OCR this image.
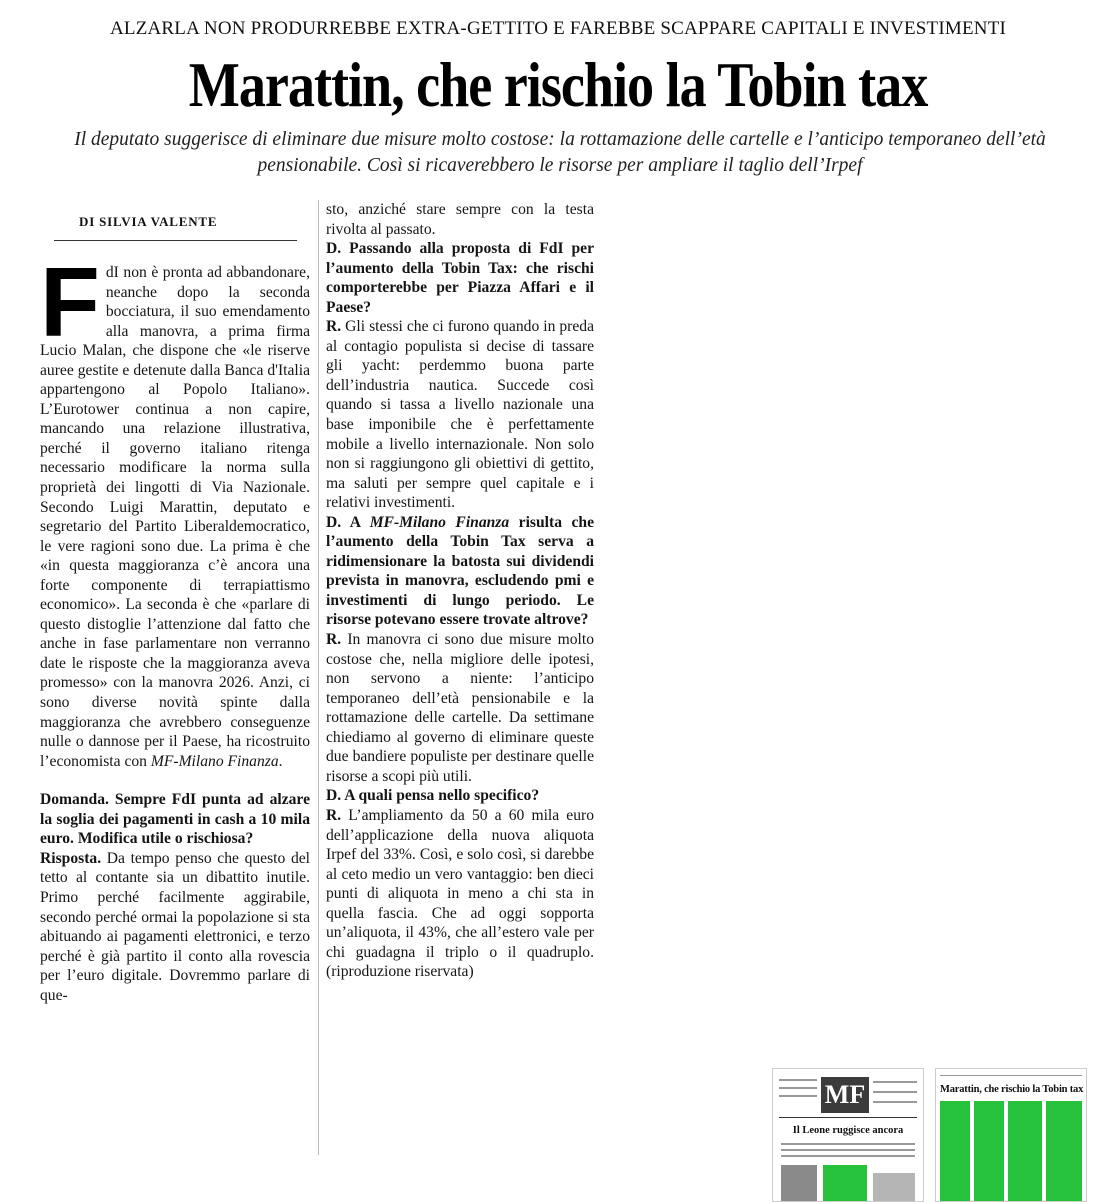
ALZARLA NON PRODURREBBE EXTRA-GETTITO E FAREBBE SCAPPARE CAPITALI E INVESTIMENTI
Marattin, che rischio la Tobin tax
Il deputato suggerisce di eliminare due misure molto costose: la rottamazione delle cartelle e l’anticipo temporaneo dell’età pensionabile. Così si ricaverebbero le risorse per ampliare il taglio dell’Irpef
DI SILVIA VALENTE

FdI non è pronta ad abbandonare, neanche dopo la seconda bocciatura, il suo emendamento alla manovra, a prima firma Lucio Malan, che dispone che «le riserve auree gestite e detenute dalla Banca d'Italia appartengono al Popolo Italiano». L’Eurotower continua a non capire, mancando una relazione illustrativa, perché il governo italiano ritenga necessario modificare la norma sulla proprietà dei lingotti di Via Nazionale. Secondo Luigi Marattin, deputato e segretario del Partito Liberaldemocratico, le vere ragioni sono due. La prima è che «in questa maggioranza c’è ancora una forte componente di terrapiattismo economico». La seconda è che «parlare di questo distoglie l’attenzione dal fatto che anche in fase parlamentare non verranno date le risposte che la maggioranza aveva promesso» con la manovra 2026. Anzi, ci sono diverse novità spinte dalla maggioranza che avrebbero conseguenze nulle o dannose per il Paese, ha ricostruito l’economista con MF-Milano Finanza.

Domanda. Sempre FdI punta ad alzare la soglia dei pagamenti in cash a 10 mila euro. Modifica utile o rischiosa?

Risposta. Da tempo penso che questo del tetto al contante sia un dibattito inutile. Primo perché facilmente aggirabile, secondo perché ormai la popolazione si sta abituando ai pagamenti elettronici, e terzo perché è già partito il conto alla rovescia per l’euro digitale. Dovremmo parlare di que-

sto, anziché stare sempre con la testa rivolta al passato.

D. Passando alla proposta di FdI per l’aumento della Tobin Tax: che rischi comporterebbe per Piazza Affari e il Paese?

R. Gli stessi che ci furono quando in preda al contagio populista si decise di tassare gli yacht: perdemmo buona parte dell’industria nautica. Succede così quando si tassa a livello nazionale una base imponibile che è perfettamente mobile a livello internazionale. Non solo non si raggiungono gli obiettivi di gettito, ma saluti per sempre quel capitale e i relativi investimenti.

D. A MF-Milano Finanza risulta che l’aumento della Tobin Tax serva a ridimensionare la batosta sui dividendi prevista in manovra, escludendo pmi e investimenti di lungo periodo. Le risorse potevano essere trovate altrove?

R. In manovra ci sono due misure molto costose che, nella migliore delle ipotesi, non servono a niente: l’anticipo temporaneo dell’età pensionabile e la rottamazione delle cartelle. Da settimane chiediamo al governo di eliminare queste due bandiere populiste per destinare quelle risorse a scopi più utili.

D. A quali pensa nello specifico?

R. L’ampliamento da 50 a 60 mila euro dell’applicazione della nuova aliquota Irpef del 33%. Così, e solo così, si darebbe al ceto medio un vero vantaggio: ben dieci punti di aliquota in meno a chi sta in quella fascia. Che ad oggi sopporta un’aliquota, il 43%, che all’estero vale per chi guadagna il triplo o il quadruplo. (riproduzione riservata)

MF
Il Leone ruggisce ancora
Marattin, che rischio la Tobin tax
